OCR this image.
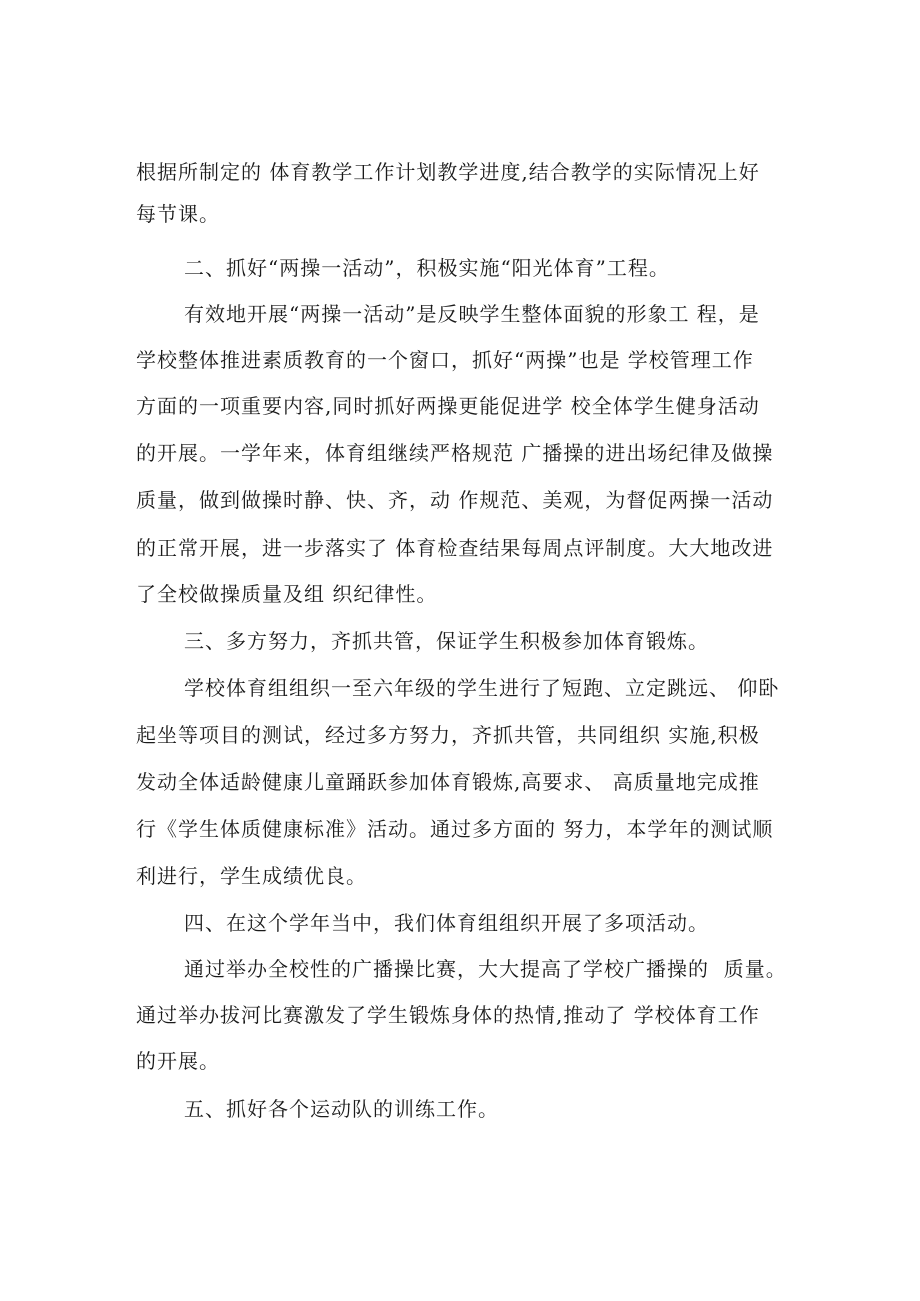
根据所制定的 体育教学工作计划教学进度,结合教学的实际情况上好

每节课。

二、抓好“两操一活动”，积极实施“阳光体育”工程。

有效地开展“两操一活动”是反映学生整体面貌的形象工 程，是

学校整体推进素质教育的一个窗口，抓好“两操”也是 学校管理工作

方面的一项重要内容,同时抓好两操更能促进学 校全体学生健身活动

的开展。一学年来，体育组继续严格规范 广播操的进出场纪律及做操

质量，做到做操时静、快、齐，动 作规范、美观，为督促两操一活动

的正常开展，进一步落实了 体育检查结果每周点评制度。大大地改进

了全校做操质量及组 织纪律性。

三、多方努力，齐抓共管，保证学生积极参加体育锻炼。

学校体育组组织一至六年级的学生进行了短跑、立定跳远、 仰卧

起坐等项目的测试，经过多方努力，齐抓共管，共同组织 实施,积极

发动全体适龄健康儿童踊跃参加体育锻炼,高要求、 高质量地完成推

行《学生体质健康标准》活动。通过多方面的 努力，本学年的测试顺

利进行，学生成绩优良。

四、在这个学年当中，我们体育组组织开展了多项活动。

通过举办全校性的广播操比赛，大大提高了学校广播操的  质量。

通过举办拔河比赛激发了学生锻炼身体的热情,推动了 学校体育工作

的开展。

五、抓好各个运动队的训练工作。
